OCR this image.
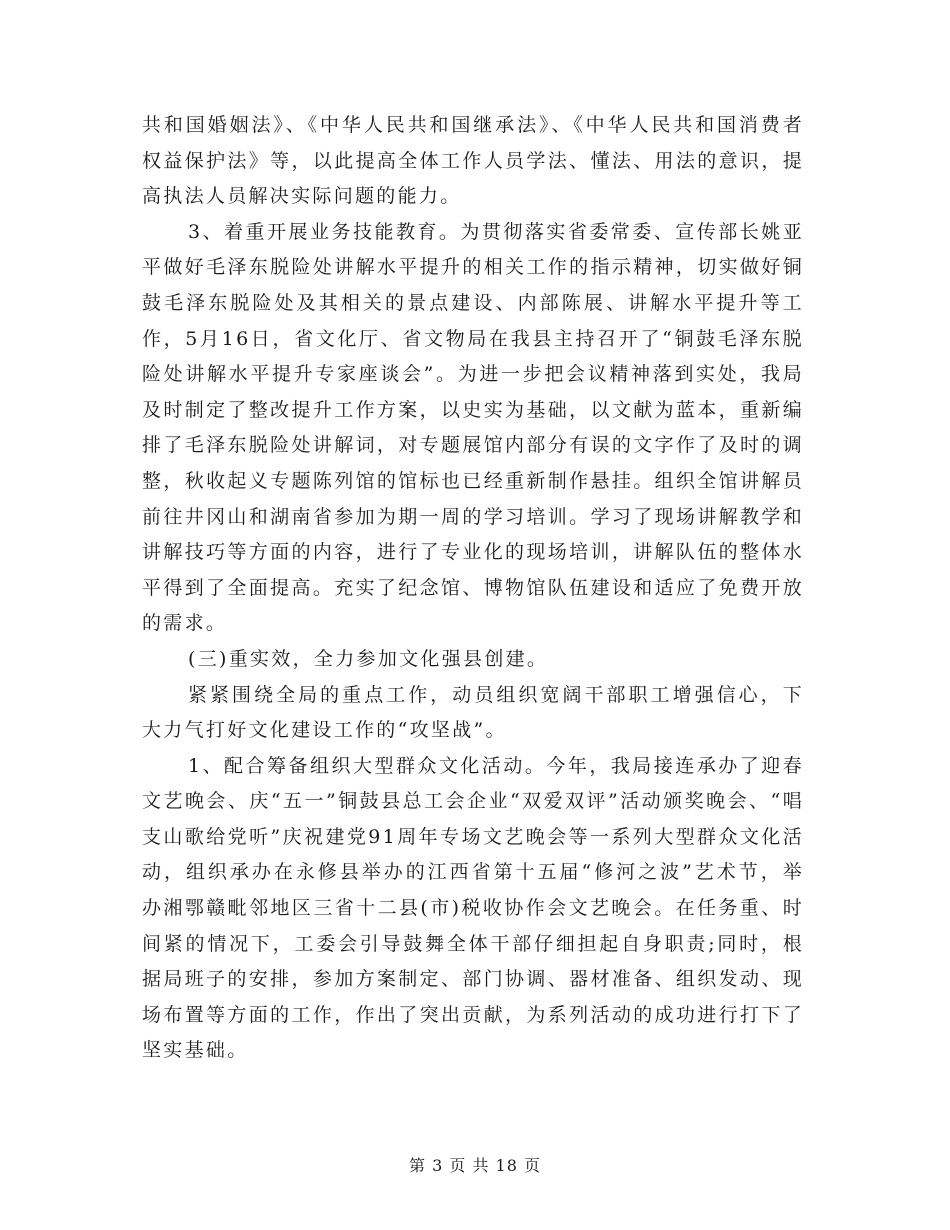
共和国婚姻法》、《中华人民共和国继承法》、《中华人民共和国消费者权益保护法》等，以此提高全体工作人员学法、懂法、用法的意识，提高执法人员解决实际问题的能力。

3、着重开展业务技能教育。为贯彻落实省委常委、宣传部长姚亚平做好毛泽东脱险处讲解水平提升的相关工作的指示精神，切实做好铜鼓毛泽东脱险处及其相关的景点建设、内部陈展、讲解水平提升等工作，5月16日，省文化厅、省文物局在我县主持召开了“铜鼓毛泽东脱险处讲解水平提升专家座谈会”。为进一步把会议精神落到实处，我局及时制定了整改提升工作方案，以史实为基础，以文献为蓝本，重新编排了毛泽东脱险处讲解词，对专题展馆内部分有误的文字作了及时的调整，秋收起义专题陈列馆的馆标也已经重新制作悬挂。组织全馆讲解员前往井冈山和湖南省参加为期一周的学习培训。学习了现场讲解教学和讲解技巧等方面的内容，进行了专业化的现场培训，讲解队伍的整体水平得到了全面提高。充实了纪念馆、博物馆队伍建设和适应了免费开放的需求。

(三)重实效，全力参加文化强县创建。

紧紧围绕全局的重点工作，动员组织宽阔干部职工增强信心，下大力气打好文化建设工作的“攻坚战”。

1、配合筹备组织大型群众文化活动。今年，我局接连承办了迎春文艺晚会、庆“五一”铜鼓县总工会企业“双爱双评”活动颁奖晚会、“唱支山歌给党听”庆祝建党91周年专场文艺晚会等一系列大型群众文化活动，组织承办在永修县举办的江西省第十五届“修河之波”艺术节，举办湘鄂赣毗邻地区三省十二县(市)税收协作会文艺晚会。在任务重、时间紧的情况下，工委会引导鼓舞全体干部仔细担起自身职责;同时，根据局班子的安排，参加方案制定、部门协调、器材准备、组织发动、现场布置等方面的工作，作出了突出贡献，为系列活动的成功进行打下了坚实基础。

第 3 页 共 18 页
